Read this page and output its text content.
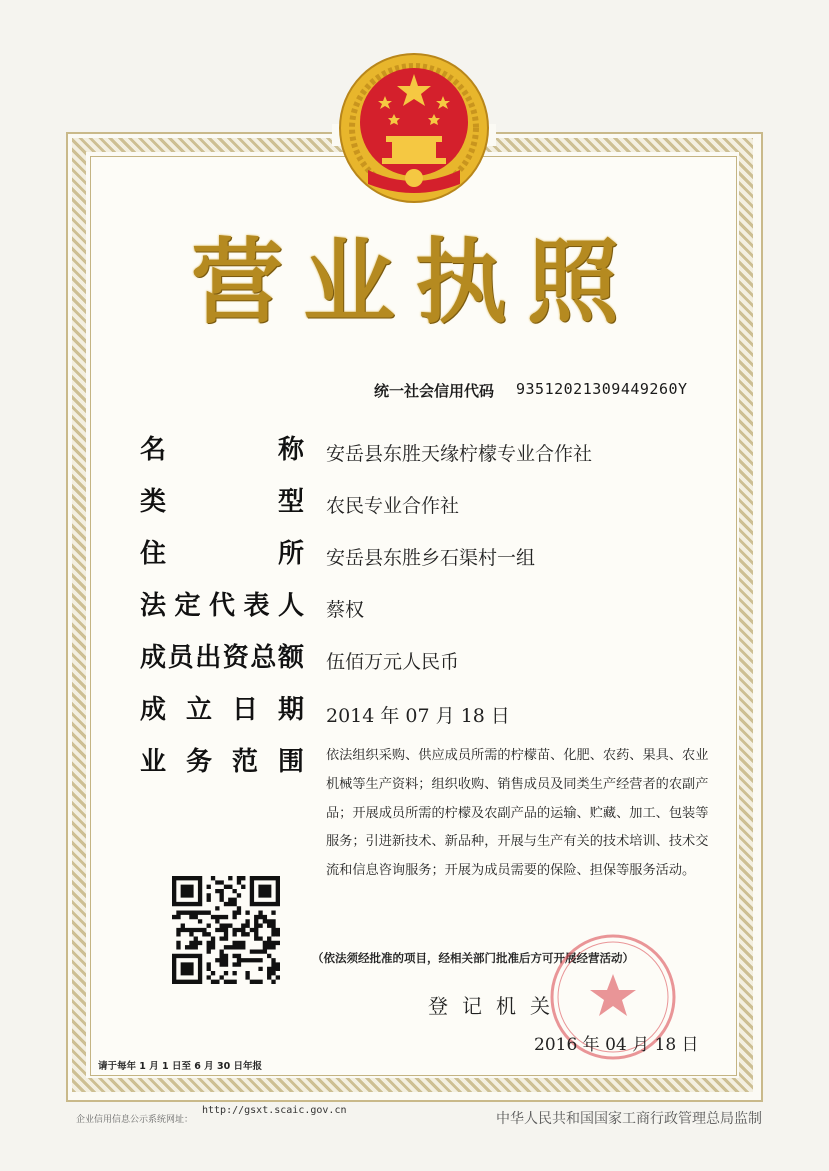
营业执照
统一社会信用代码 93512021309449260Y
名称 安岳县东胜天缘柠檬专业合作社
类型 农民专业合作社
住所 安岳县东胜乡石渠村一组
法定代表人 蔡权
成员出资总额 伍佰万元人民币
成立日期 2014 年 07 月 18 日
业务范围 依法组织采购、供应成员所需的柠檬苗、化肥、农药、果具、农业机械等生产资料；组织收购、销售成员及同类生产经营者的农副产品；开展成员所需的柠檬及农副产品的运输、贮藏、加工、包装等服务；引进新技术、新品种，开展与生产有关的技术培训、技术交流和信息咨询服务；开展为成员需要的保险、担保等服务活动。
（依法须经批准的项目，经相关部门批准后方可开展经营活动）
登记机关
2016 年 04 月 18 日
请于每年 1 月 1 日至 6 月 30 日年报
企业信用信息公示系统网址：
http://gsxt.scaic.gov.cn
中华人民共和国国家工商行政管理总局监制
